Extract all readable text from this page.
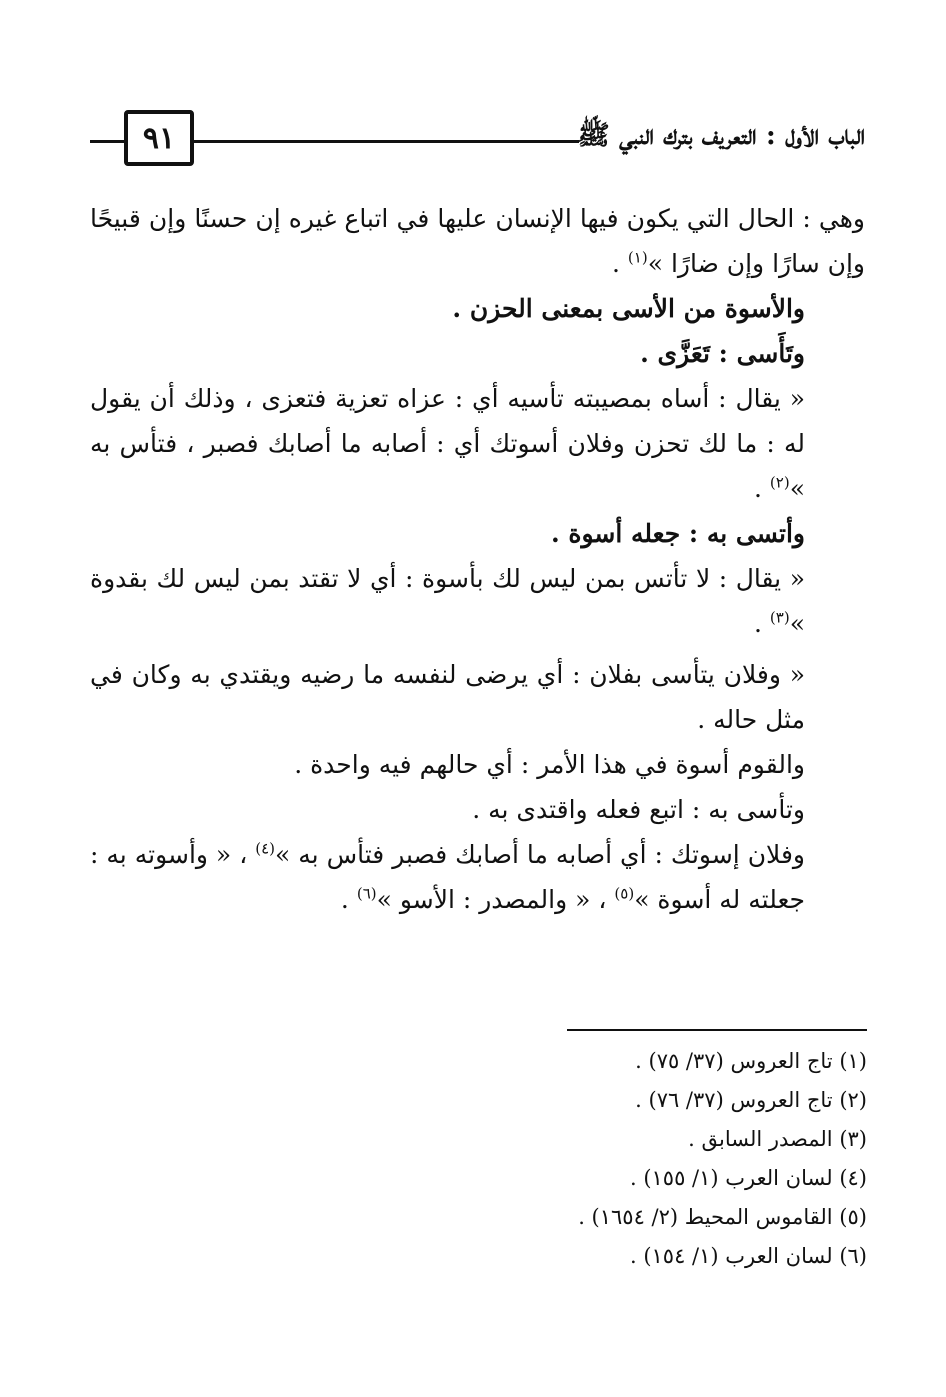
٩١	الباب الأول : التعريف بترك النبي ﷺ

وهي : الحال التي يكون فيها الإنسان عليها في اتباع غيره إن حسنًا وإن قبيحًا وإن سارًا وإن ضارًا »$^{(١)}$ .

والأسوة من الأسى بمعنى الحزن .

وتَأَسى : تَعَزَّى .

« يقال : أساه بمصيبته تأسيه أي : عزاه تعزية فتعزى ، وذلك أن يقول له : ما لك تحزن وفلان أسوتك أي : أصابه ما أصابك فصبر ، فتأس به »$^{(٢)}$ .

وأتسى به : جعله أسوة .

« يقال : لا تأتس بمن ليس لك بأسوة : أي لا تقتد بمن ليس لك بقدوة »$^{(٣)}$ .

« وفلان يتأسى بفلان : أي يرضى لنفسه ما رضيه ويقتدي به وكان في مثل حاله .

والقوم أسوة في هذا الأمر : أي حالهم فيه واحدة .

وتأسى به : اتبع فعله واقتدى به .

وفلان إسوتك : أي أصابه ما أصابك فصبر فتأس به »$^{(٤)}$ ، « وأسوته به : جعلته له أسوة »$^{(٥)}$ ، « والمصدر : الأسو »$^{(٦)}$ .

(١) تاج العروس (٣٧/ ٧٥) .
(٢) تاج العروس (٣٧/ ٧٦) .
(٣) المصدر السابق .
(٤) لسان العرب (١/ ١٥٥) .
(٥) القاموس المحيط (٢/ ١٦٥٤) .
(٦) لسان العرب (١/ ١٥٤) .
